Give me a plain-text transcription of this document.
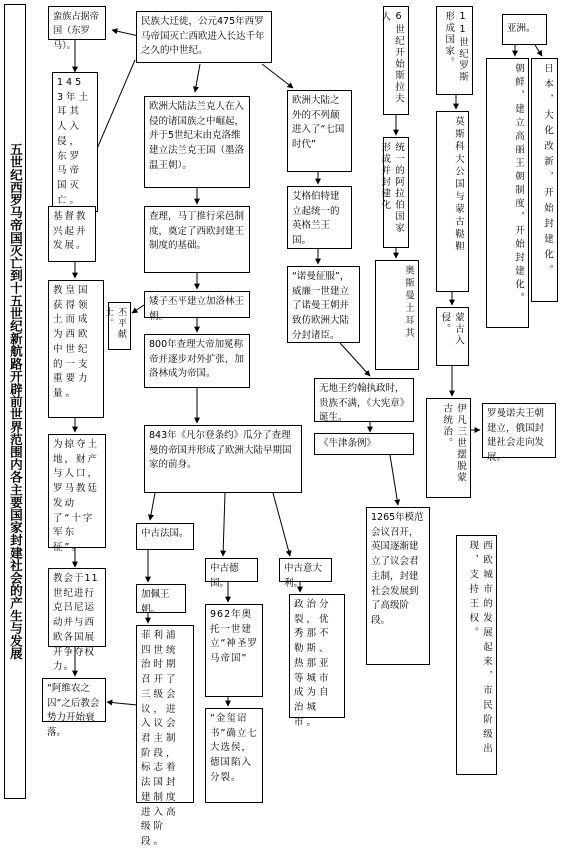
五世纪西罗马帝国灭亡到十五世纪新航路开辟前世界范围内各主要国家封建社会的产生与发展
蛮族占据帝国（东罗马）。
1453年土耳其人入侵，东罗马帝国灭亡。
基督教兴起并发展。
教皇国获得领土而成为西欧中世纪的一支重要力量。
为掠夺土地，财产与人口，罗马教廷发动了“十字军东征”。
教会于11世纪进行克吕尼运动并与西欧各国展开争夺权力。
“阿维农之囚”之后教会势力开始衰落。
丕平献土。
民族大迁徙，公元475年西罗马帝国灭亡西欧进入长达千年之久的中世纪。
欧洲大陆法兰克人在入侵的诸国族之中崛起，并于5世纪末由克洛维建立法兰克王国（墨洛温王朝）。
查理，马丁推行采邑制度，奠定了西欧封建王制度的基础。
矮子丕平建立加洛林王朝。
800年查理大帝加冕称帝并逐步对外扩张，加洛林成为帝国。
843年《凡尔登条约》瓜分了查理曼的帝国并形成了欧洲大陆早期国家的前身。
欧洲大陆之外的不列颠进入了“七国时代”
艾格伯特建立起统一的英格兰王国。
“诺曼征服”，威廉一世建立了诺曼王朝并致仿欧洲大陆分封诸臣。
6世纪开始斯拉夫人
统一的阿拉伯国家形成并封建化
奥斯曼土耳其
无地王约翰执政时，贵族不满，《大宪章》诞生。
《牛津条例》
1265年模范会议召开，英国逐渐建立了议会君主制，封建社会发展到了高级阶段。
11世纪罗斯形成国家。
莫斯科大公国与蒙古鞑靼
蒙古入侵。
伊凡三世摆脱蒙古统治。	罗曼诺夫王朝建立，俄国封建社会走向发展。
亚洲。
朝鲜，建立高丽王朝制度，开始封建化。	日本，大化改新，开始封建化。
中古法国。
加佩王朝。
菲利浦四世统治时期召开了三级会议，进入议会君主制阶段，标志着法国封建制度进入高级阶段。
中古德国。
962年奥托一世建立“神圣罗马帝国”
“金玺诏书”确立七大选侯，德国陷入分裂。
中古意大利。
政治分裂，优秀那不勒斯、热那亚等城市成为自治城市。	西欧城市的发展起来，市民阶级出现，支持王权。
